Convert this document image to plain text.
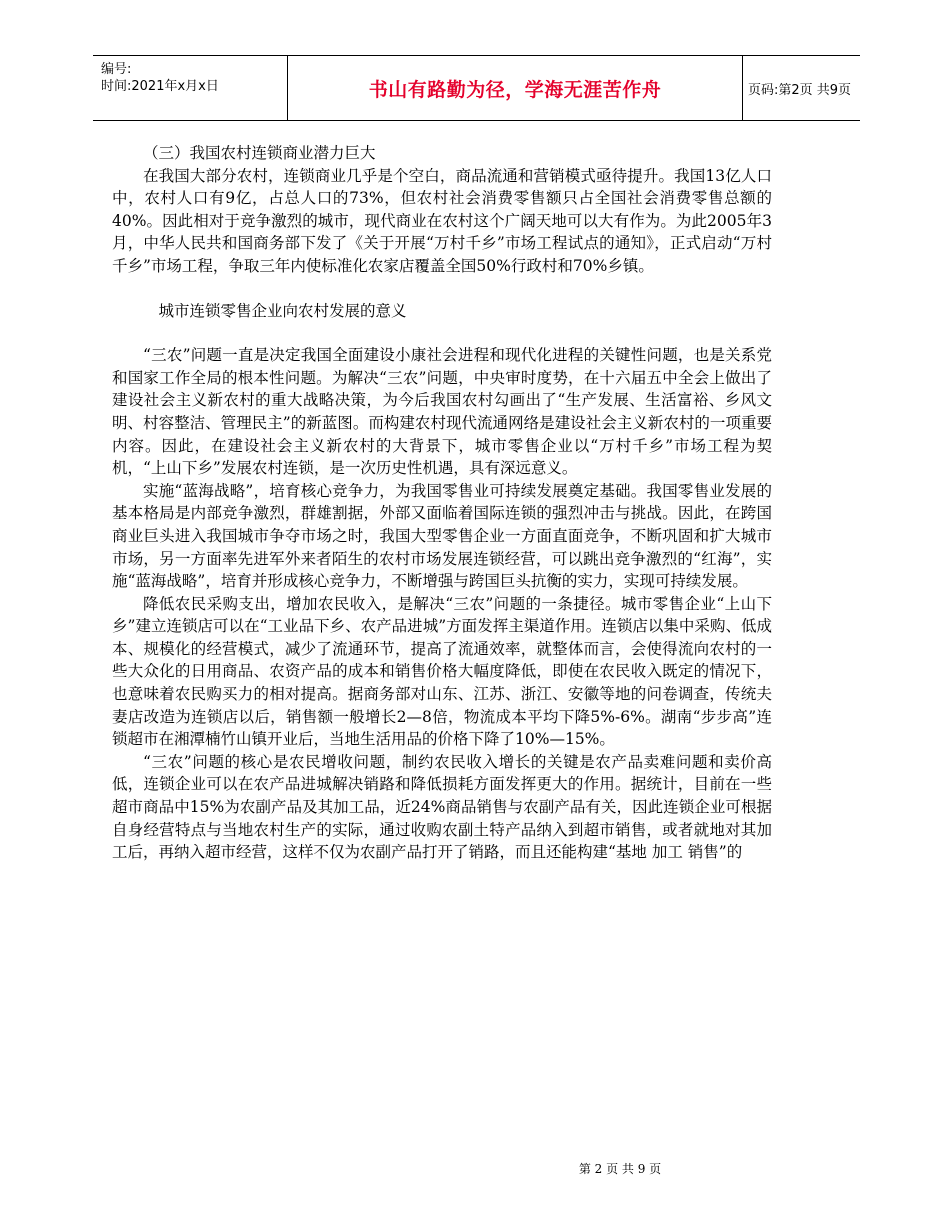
编号:
时间:2021年x月x日	书山有路勤为径，学海无涯苦作舟	页码:第2页 共9页
（三）我国农村连锁商业潜力巨大

在我国大部分农村，连锁商业几乎是个空白，商品流通和营销模式亟待提升。我国13亿人口中，农村人口有9亿，占总人口的73%，但农村社会消费零售额只占全国社会消费零售总额的40%。因此相对于竞争激烈的城市，现代商业在农村这个广阔天地可以大有作为。为此2005年3月，中华人民共和国商务部下发了《关于开展“万村千乡”市场工程试点的通知》，正式启动“万村千乡”市场工程，争取三年内使标准化农家店覆盖全国50%行政村和70%乡镇。

城市连锁零售企业向农村发展的意义

“三农”问题一直是决定我国全面建设小康社会进程和现代化进程的关键性问题，也是关系党和国家工作全局的根本性问题。为解决“三农”问题，中央审时度势，在十六届五中全会上做出了建设社会主义新农村的重大战略决策，为今后我国农村勾画出了“生产发展、生活富裕、乡风文明、村容整洁、管理民主”的新蓝图。而构建农村现代流通网络是建设社会主义新农村的一项重要内容。因此，在建设社会主义新农村的大背景下，城市零售企业以“万村千乡”市场工程为契机，“上山下乡”发展农村连锁，是一次历史性机遇，具有深远意义。

实施“蓝海战略”，培育核心竞争力，为我国零售业可持续发展奠定基础。我国零售业发展的基本格局是内部竞争激烈，群雄割据，外部又面临着国际连锁的强烈冲击与挑战。因此，在跨国商业巨头进入我国城市争夺市场之时，我国大型零售企业一方面直面竞争，不断巩固和扩大城市市场，另一方面率先进军外来者陌生的农村市场发展连锁经营，可以跳出竞争激烈的“红海”，实施“蓝海战略”，培育并形成核心竞争力，不断增强与跨国巨头抗衡的实力，实现可持续发展。

降低农民采购支出，增加农民收入，是解决“三农”问题的一条捷径。城市零售企业“上山下乡”建立连锁店可以在“工业品下乡、农产品进城”方面发挥主渠道作用。连锁店以集中采购、低成本、规模化的经营模式，减少了流通环节，提高了流通效率，就整体而言，会使得流向农村的一些大众化的日用商品、农资产品的成本和销售价格大幅度降低，即使在农民收入既定的情况下，也意味着农民购买力的相对提高。据商务部对山东、江苏、浙江、安徽等地的问卷调查，传统夫妻店改造为连锁店以后，销售额一般增长2—8倍，物流成本平均下降5%-6%。湖南“步步高”连锁超市在湘潭楠竹山镇开业后，当地生活用品的价格下降了10%—15%。

“三农”问题的核心是农民增收问题，制约农民收入增长的关键是农产品卖难问题和卖价高低，连锁企业可以在农产品进城解决销路和降低损耗方面发挥更大的作用。据统计，目前在一些超市商品中15%为农副产品及其加工品，近24%商品销售与农副产品有关，因此连锁企业可根据自身经营特点与当地农村生产的实际，通过收购农副土特产品纳入到超市销售，或者就地对其加工后，再纳入超市经营，这样不仅为农副产品打开了销路，而且还能构建“基地 加工 销售”的

第 2 页 共 9 页
